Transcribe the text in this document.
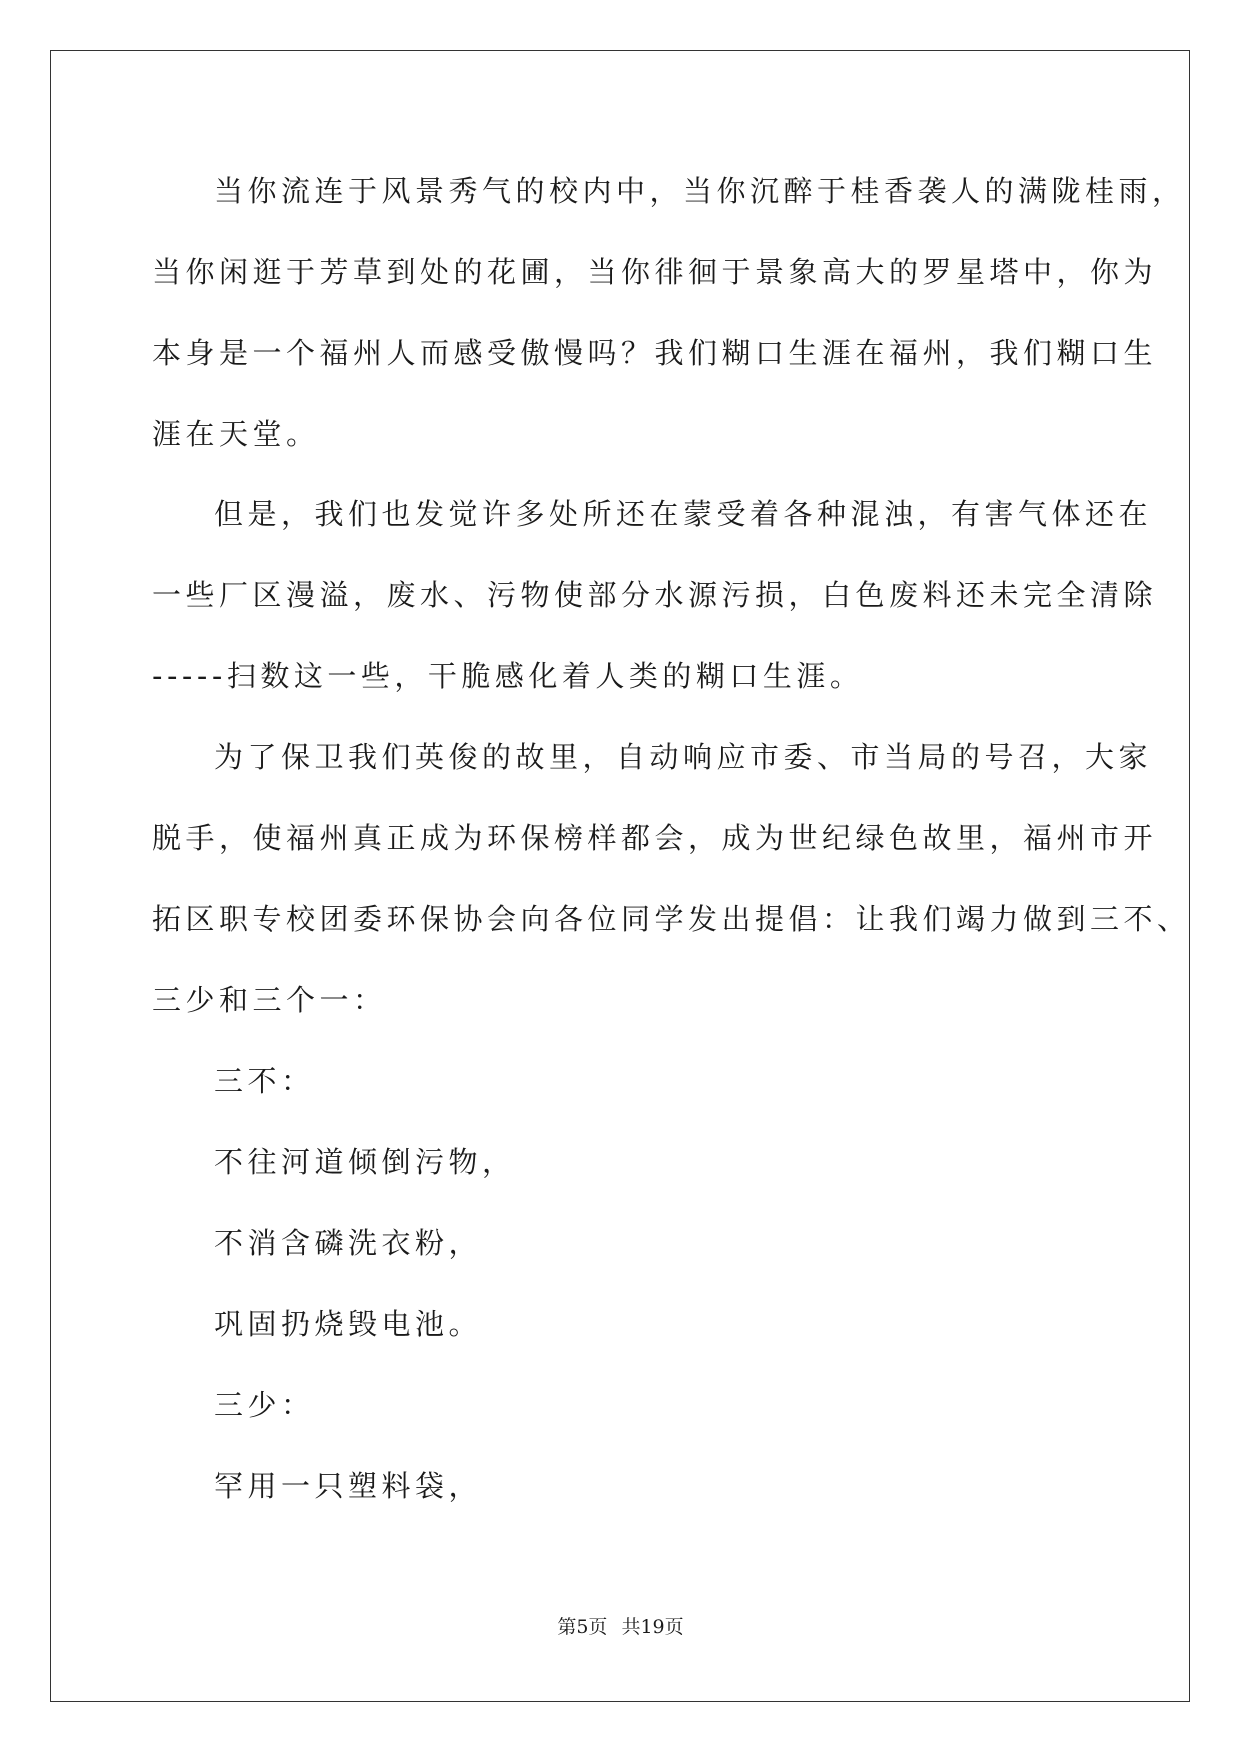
当你流连于风景秀气的校内中，当你沉醉于桂香袭人的满陇桂雨，
当你闲逛于芳草到处的花圃，当你徘徊于景象高大的罗星塔中，你为
本身是一个福州人而感受傲慢吗？我们糊口生涯在福州，我们糊口生
涯在天堂。
但是，我们也发觉许多处所还在蒙受着各种混浊，有害气体还在
一些厂区漫溢，废水、污物使部分水源污损，白色废料还未完全清除
-----扫数这一些，干脆感化着人类的糊口生涯。
为了保卫我们英俊的故里，自动响应市委、市当局的号召，大家
脱手，使福州真正成为环保榜样都会，成为世纪绿色故里，福州市开
拓区职专校团委环保协会向各位同学发出提倡：让我们竭力做到三不、
三少和三个一：
三不：
不往河道倾倒污物，
不消含磷洗衣粉，
巩固扔烧毁电池。
三少：
罕用一只塑料袋，
第5页 共19页
